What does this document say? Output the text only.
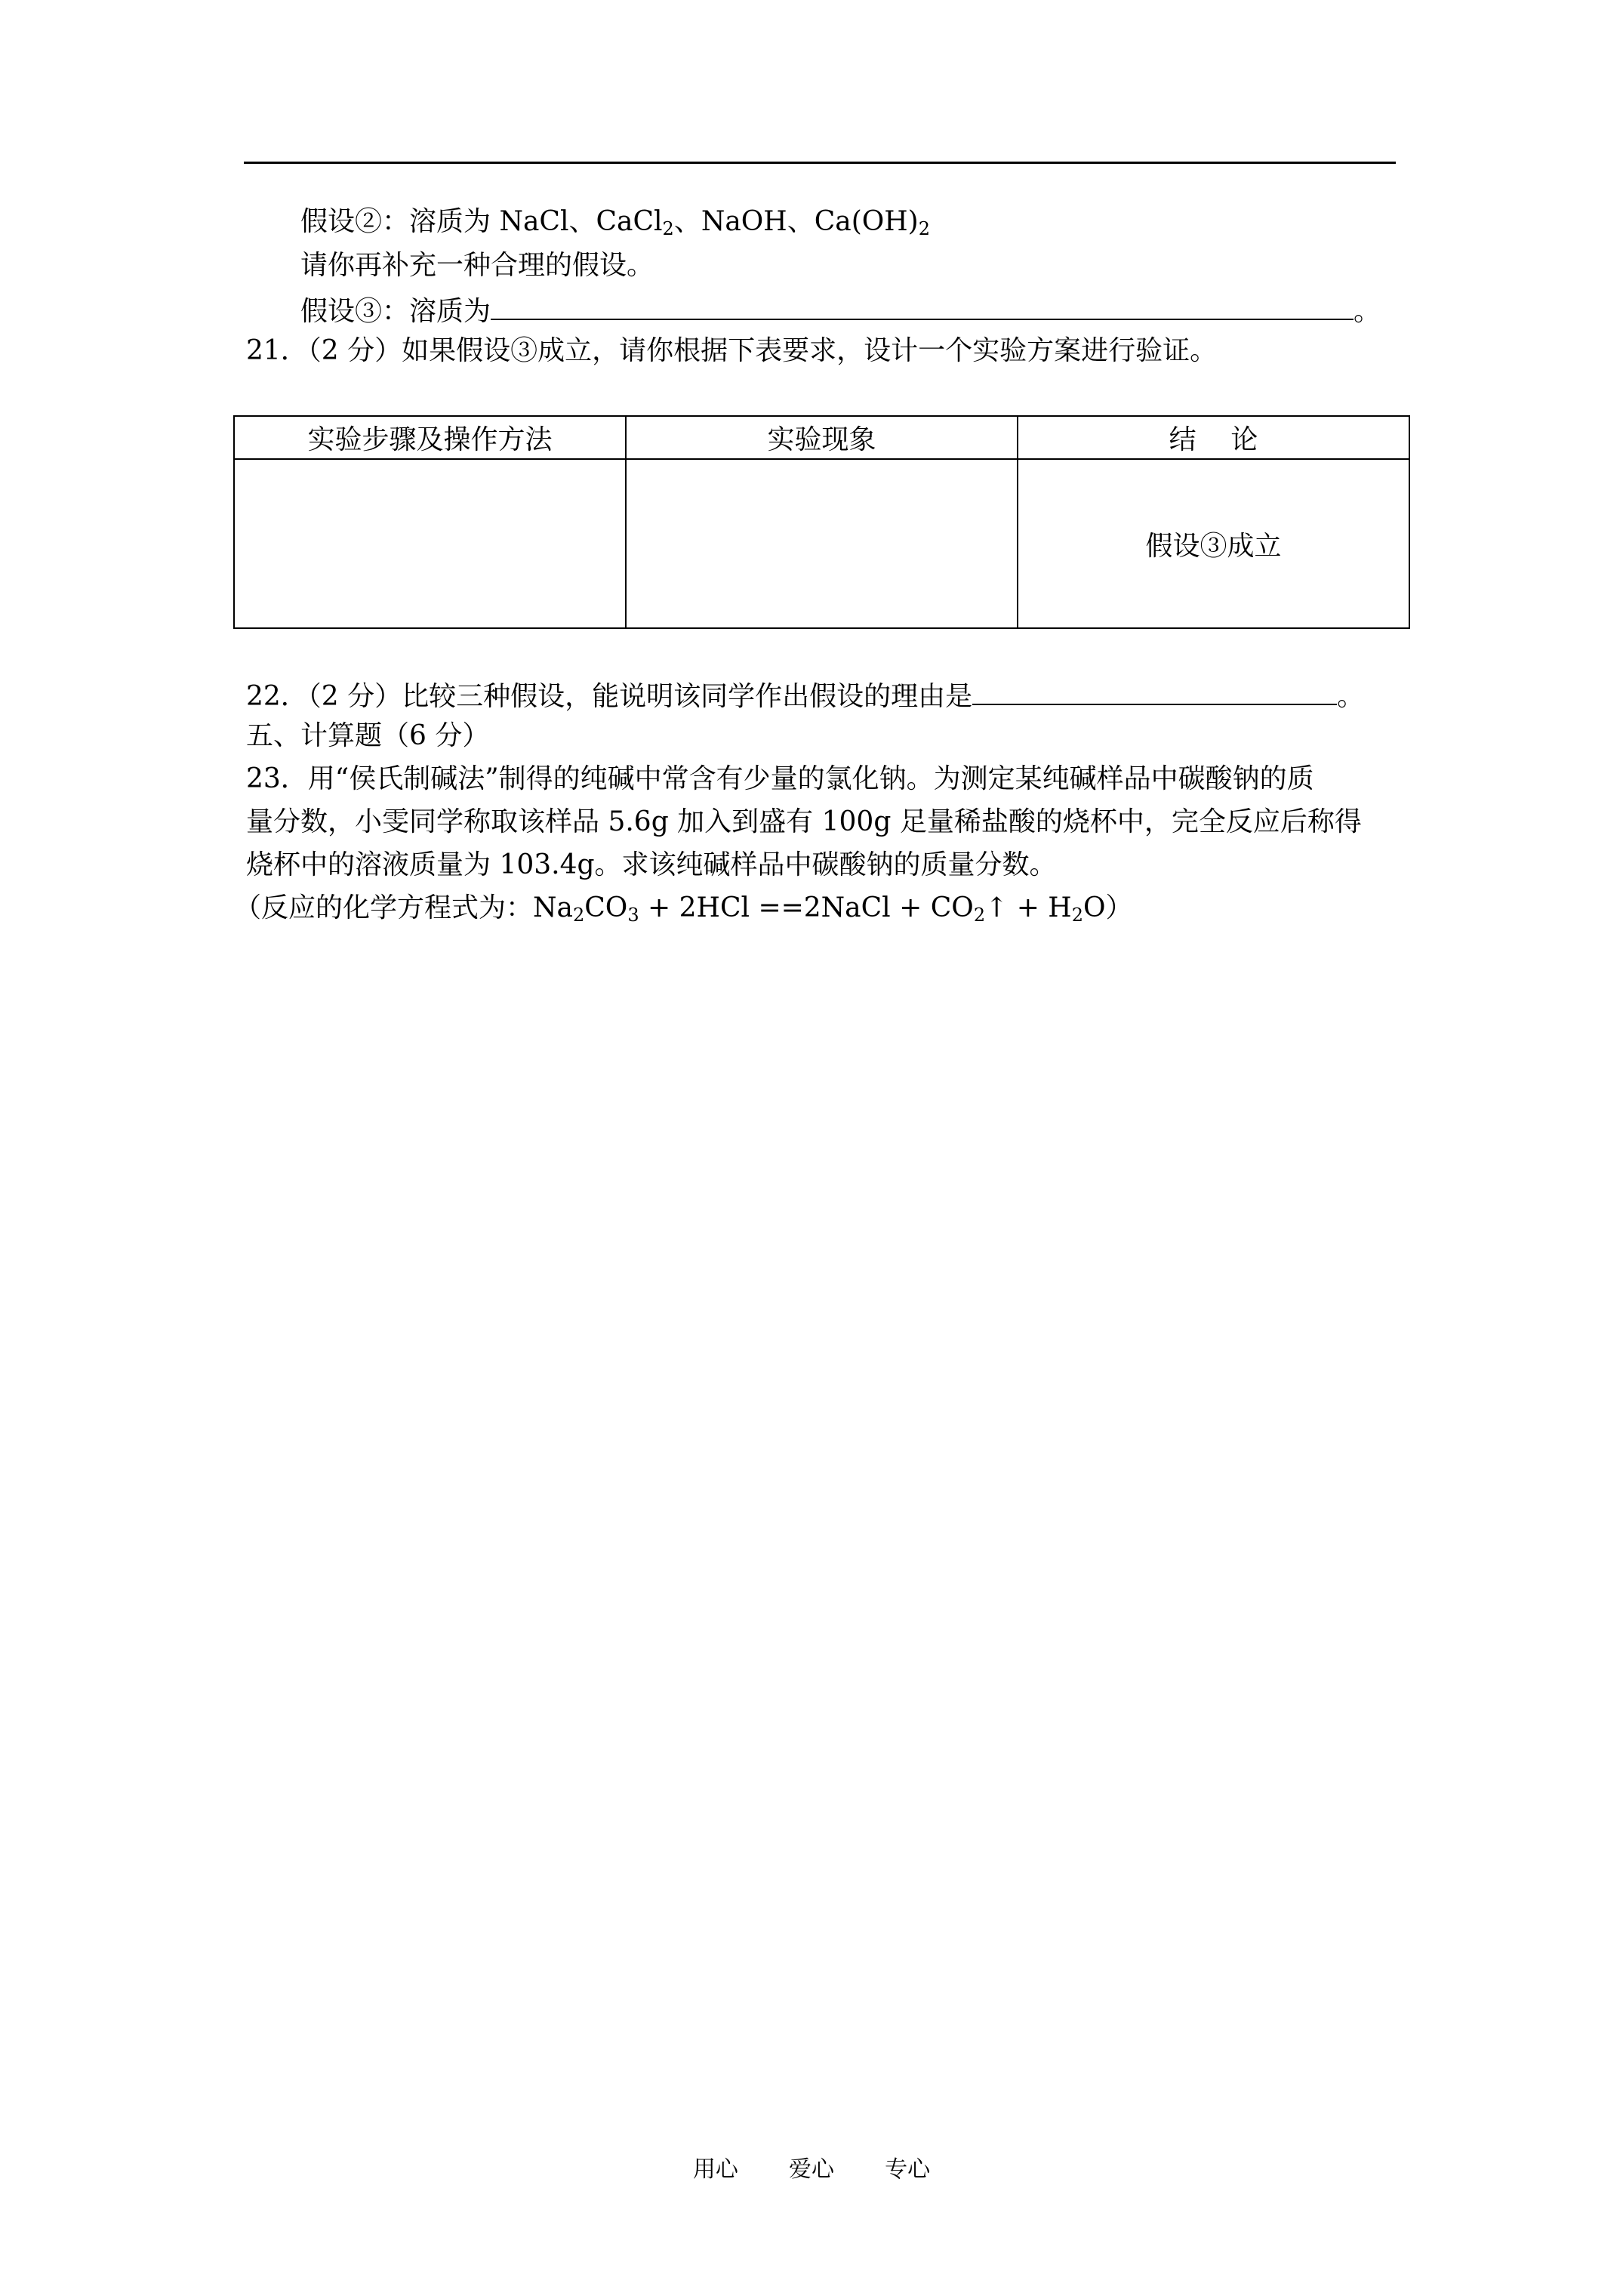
假设②：溶质为 NaCl、CaCl$_2$、NaOH、$Ca(OH)_2$
请你再补充一种合理的假设。
假设③：溶质为	。
21．（2 分）如果假设③成立，请你根据下表要求，设计一个实验方案进行验证。
实验步骤及操作方法	实验现象	结    论
		假设③成立
22．（2 分）比较三种假设，能说明该同学作出假设的理由是	。
五、计算题（6 分）
23．用“侯氏制碱法”制得的纯碱中常含有少量的氯化钠。为测定某纯碱样品中碳酸钠的质
量分数，小雯同学称取该样品 5.6g 加入到盛有 100g 足量稀盐酸的烧杯中，完全反应后称得
烧杯中的溶液质量为 103.4g。求该纯碱样品中碳酸钠的质量分数。
（反应的化学方程式为：$Na_2CO_3 + 2HCl$ ==2NaCl + $CO_2↑ + H_2O$）
用心  爱心  专心
